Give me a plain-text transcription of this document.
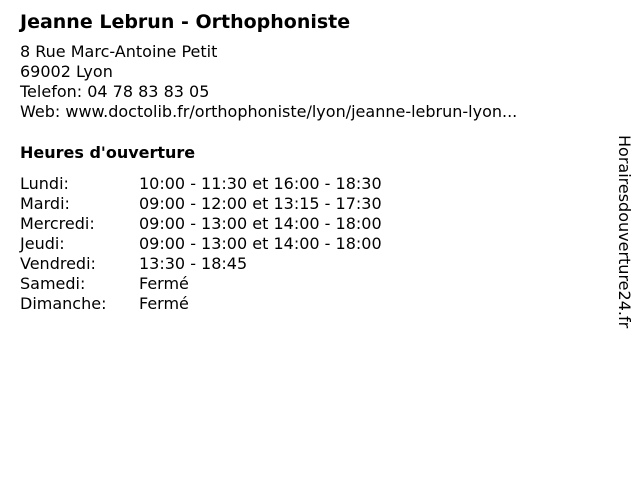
Jeanne Lebrun - Orthophoniste
8 Rue Marc-Antoine Petit
69002 Lyon
Telefon: 04 78 83 83 05
Web: www.doctolib.fr/orthophoniste/lyon/jeanne-lebrun-lyon...
Heures d'ouverture
Lundi:	10:00 - 11:30 et 16:00 - 18:30
Mardi:	09:00 - 12:00 et 13:15 - 17:30
Mercredi:	09:00 - 13:00 et 14:00 - 18:00
Jeudi:	09:00 - 13:00 et 14:00 - 18:00
Vendredi:	13:30 - 18:45
Samedi:	Fermé
Dimanche:	Fermé	Horairesdouverture24.fr
